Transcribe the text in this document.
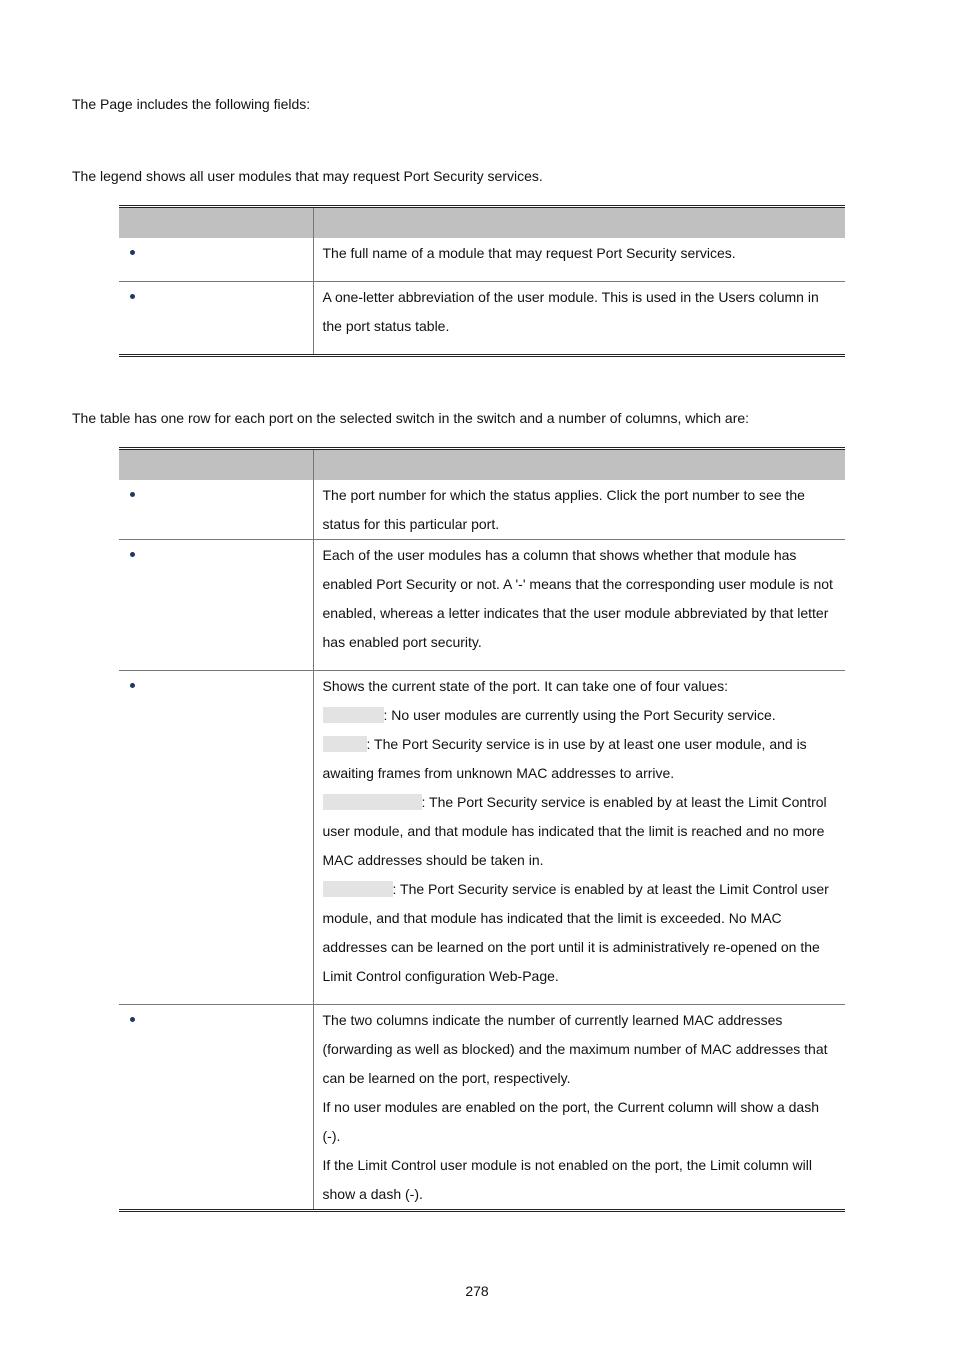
The Page includes the following fields:

The legend shows all user modules that may request Port Security services.

	The full name of a module that may request Port Security services.

	A one-letter abbreviation of the user module. This is used in the Users column in the port status table.

The table has one row for each port on the selected switch in the switch and a number of columns, which are:

	The port number for which the status applies. Click the port number to see the status for this particular port.

	Each of the user modules has a column that shows whether that module has enabled Port Security or not. A '-' means that the corresponding user module is not enabled, whereas a letter indicates that the user module abbreviated by that letter has enabled port security.

	Shows the current state of the port. It can take one of four values:
: No user modules are currently using the Port Security service.
: The Port Security service is in use by at least one user module, and is awaiting frames from unknown MAC addresses to arrive.
: The Port Security service is enabled by at least the Limit Control user module, and that module has indicated that the limit is reached and no more MAC addresses should be taken in.
: The Port Security service is enabled by at least the Limit Control user module, and that module has indicated that the limit is exceeded. No MAC addresses can be learned on the port until it is administratively re-opened on the Limit Control configuration Web-Page.

	The two columns indicate the number of currently learned MAC addresses (forwarding as well as blocked) and the maximum number of MAC addresses that can be learned on the port, respectively.
If no user modules are enabled on the port, the Current column will show a dash (-).
If the Limit Control user module is not enabled on the port, the Limit column will show a dash (-).
278
